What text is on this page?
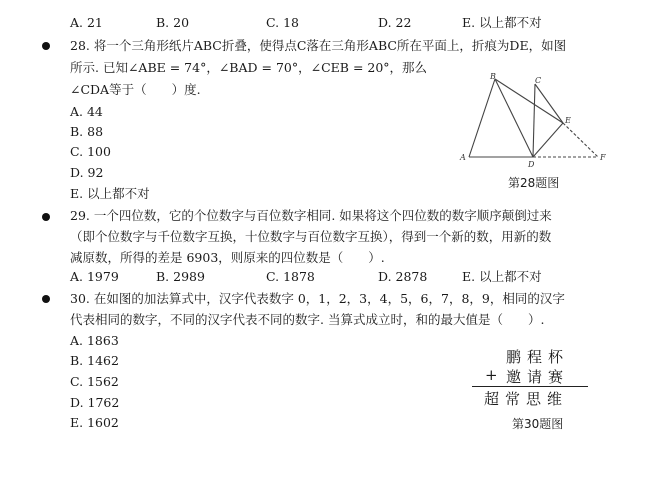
A. 21	B. 20	C. 18	D. 22	E. 以上都不对
28. 将一个三角形纸片ABC折叠，使得点C落在三角形ABC所在平面上，折痕为DE，如图
所示. 已知∠ABE = 74°，∠BAD = 70°，∠CEB = 20°，那么
∠CDA等于（　　）度.
A. 44
B. 88
C. 100
D. 92
E. 以上都不对
A
B	C
D
E
F
第28题图
29. 一个四位数，它的个位数字与百位数字相同. 如果将这个四位数的数字顺序颠倒过来
（即个位数字与千位数字互换，十位数字与百位数字互换），得到一个新的数，用新的数
减原数，所得的差是 6903，则原来的四位数是（　　）.
A. 1979	B. 2989	C. 1878	D. 2878	E. 以上都不对
30. 在如图的加法算式中，汉字代表数字 0，1，2，3，4，5，6，7，8，9，相同的汉字
代表相同的数字，不同的汉字代表不同的数字. 当算式成立时，和的最大值是（　　）.
A. 1863
B. 1462
C. 1562
D. 1762
E. 1602
鹏程杯
+ 邀请赛
超常思维
第30题图
